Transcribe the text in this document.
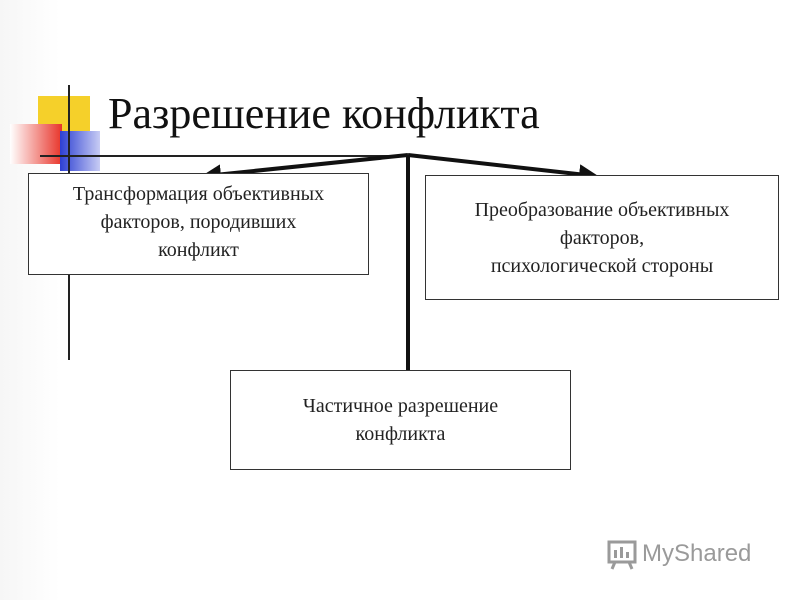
Разрешение конфликта
Трансформация объективных
факторов, породивших
конфликт
Преобразование объективных
факторов,
психологической стороны
Частичное разрешение
конфликта
MyShared
